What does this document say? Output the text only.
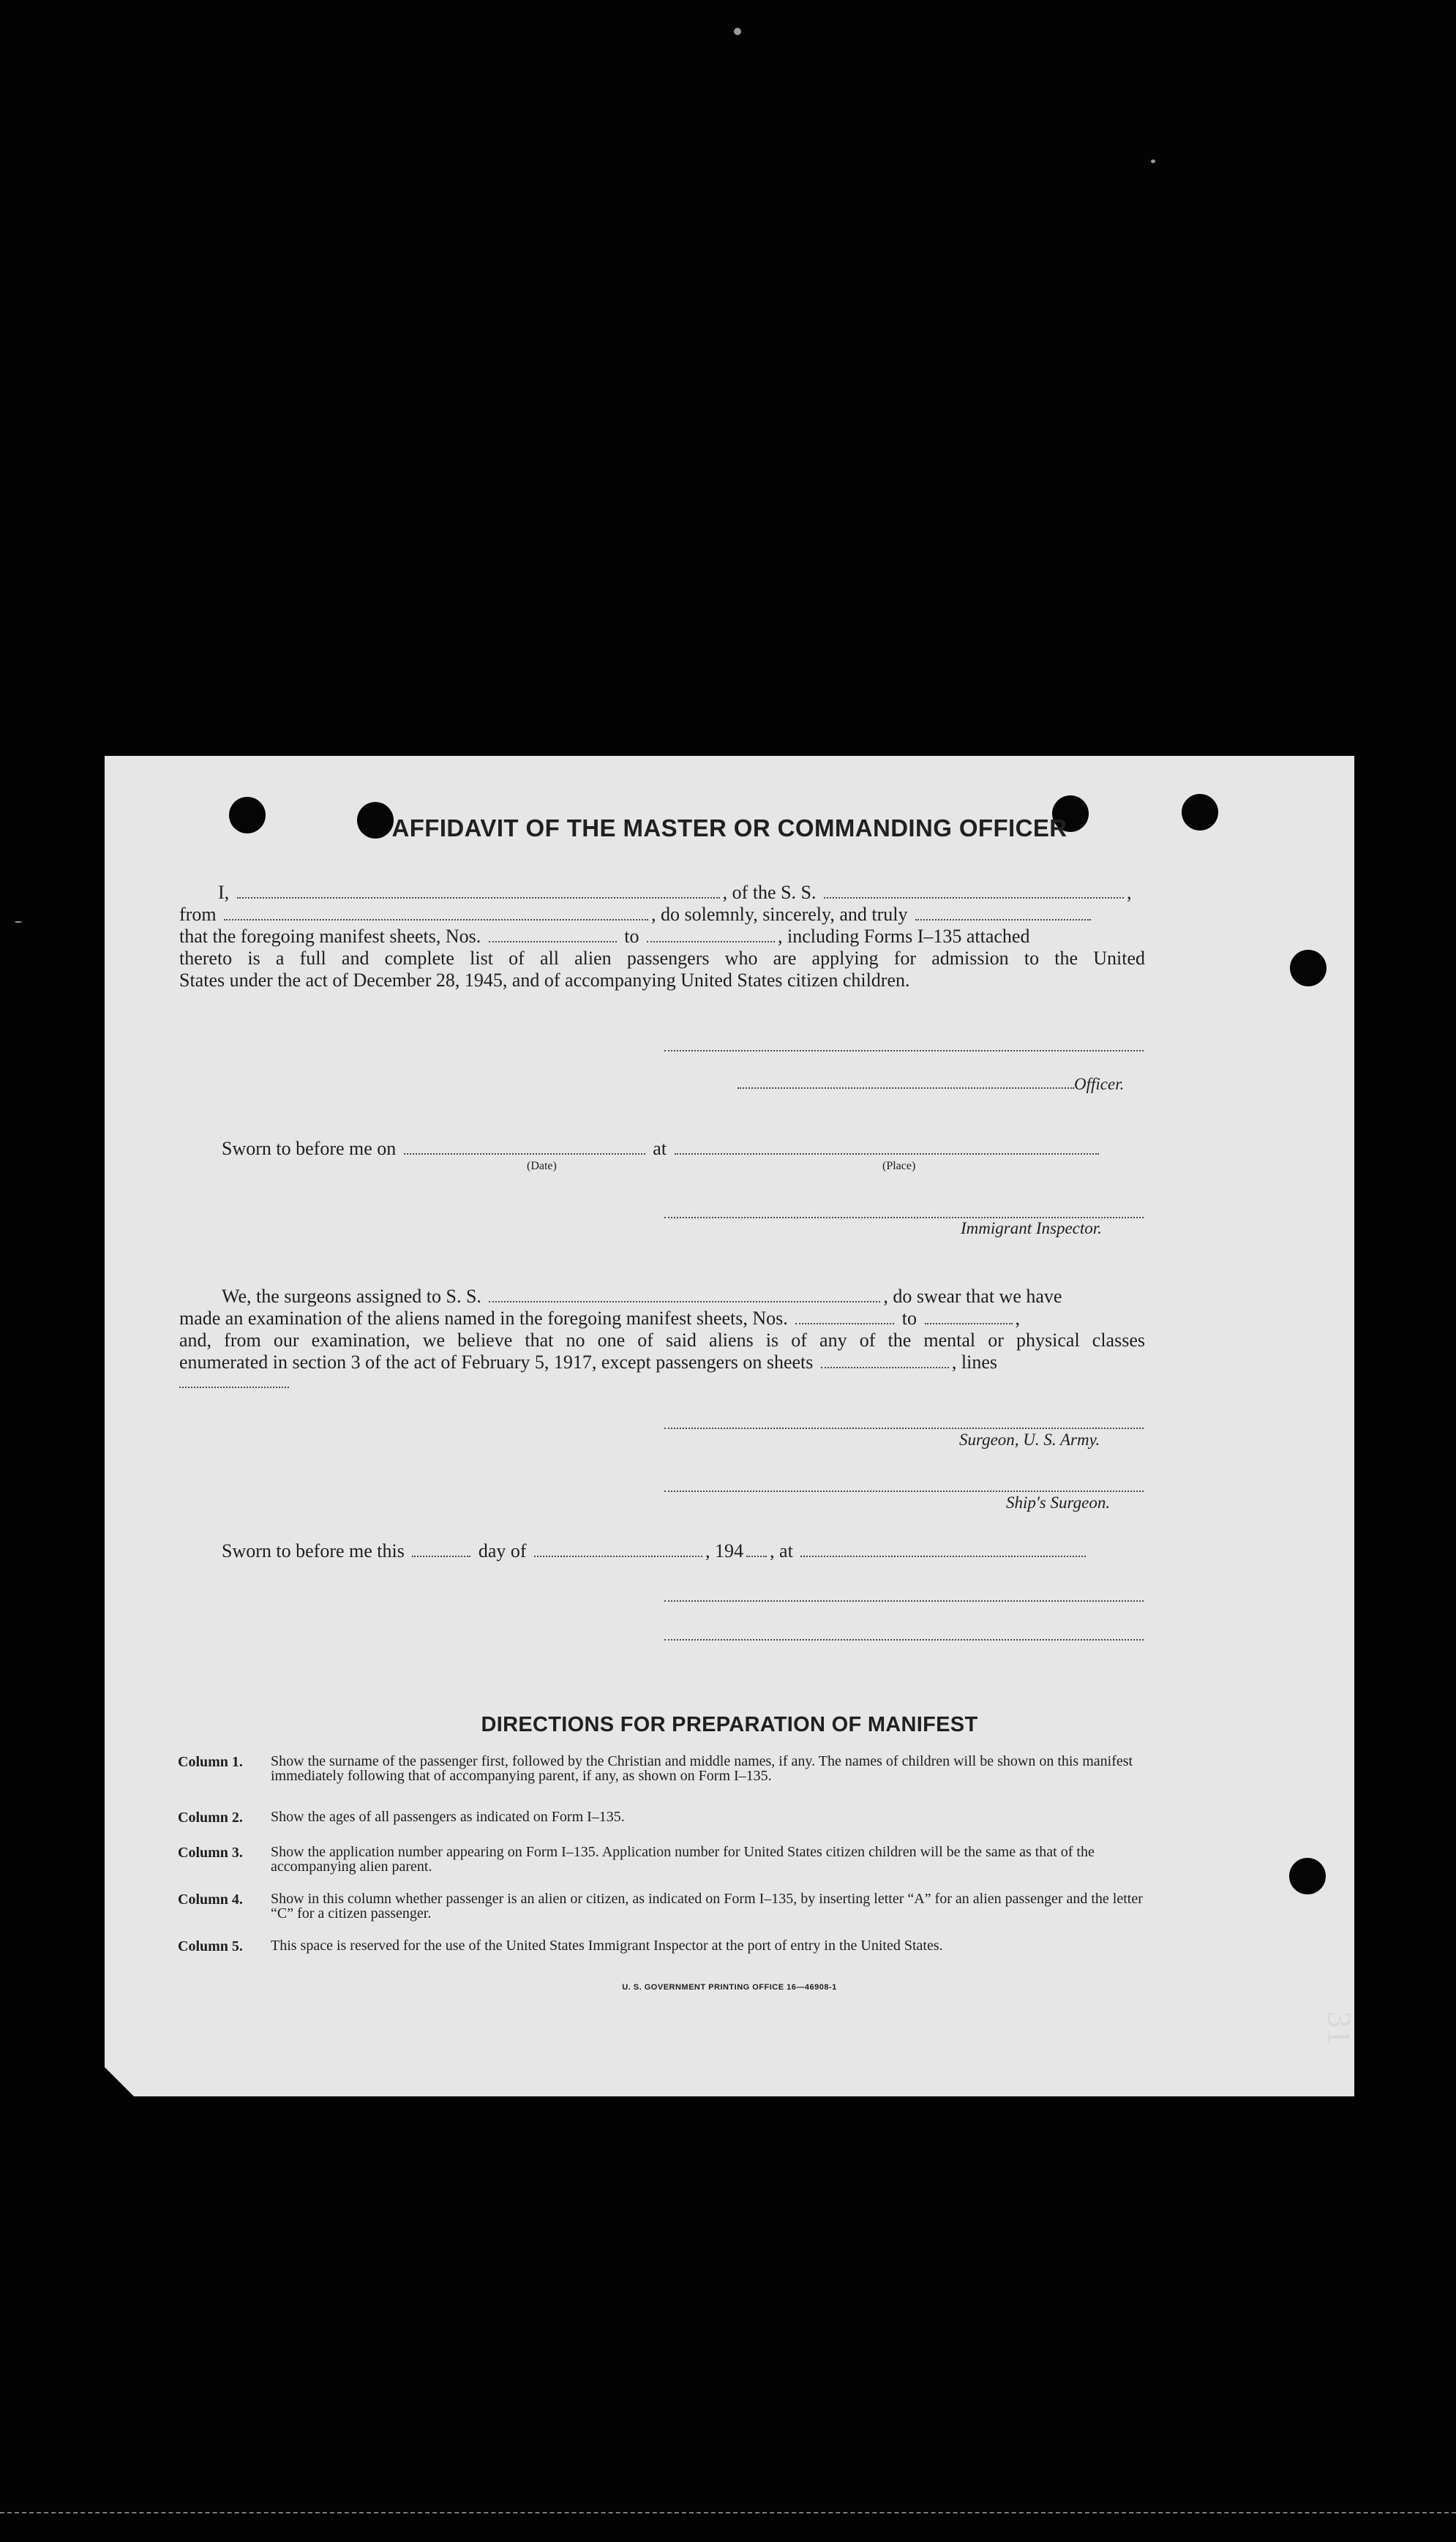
AFFIDAVIT OF THE MASTER OR COMMANDING OFFICER
I,	, of the S. S.	,
from	, do solemnly, sincerely, and truly
that the foregoing manifest sheets, Nos.	to	, including Forms I–135 attached
thereto is a full and complete list of all alien passengers who are applying for admission to the United
States under the act of December 28, 1945, and of accompanying United States citizen children.
Officer.
Sworn to before me on	at
(Date)	(Place)
Immigrant Inspector.
We, the surgeons assigned to S. S.	, do swear that we have
made an examination of the aliens named in the foregoing manifest sheets, Nos.	to	,
and, from our examination, we believe that no one of said aliens is of any of the mental or physical classes
enumerated in section 3 of the act of February 5, 1917, except passengers on sheets	, lines
Surgeon, U. S. Army.
Ship's Surgeon.
Sworn to before me this	day of	, 194 , at
DIRECTIONS FOR PREPARATION OF MANIFEST
Column 1. Show the surname of the passenger first, followed by the Christian and middle names, if any. The names of children will be shown on this manifest immediately following that of accompanying parent, if any, as shown on Form I–135.
Column 2. Show the ages of all passengers as indicated on Form I–135.
Column 3. Show the application number appearing on Form I–135. Application number for United States citizen children will be the same as that of the accompanying alien parent.
Column 4. Show in this column whether passenger is an alien or citizen, as indicated on Form I–135, by inserting letter “A” for an alien passenger and the letter “C” for a citizen passenger.
Column 5. This space is reserved for the use of the United States Immigrant Inspector at the port of entry in the United States.
U. S. GOVERNMENT PRINTING OFFICE 16—46908-1
31
